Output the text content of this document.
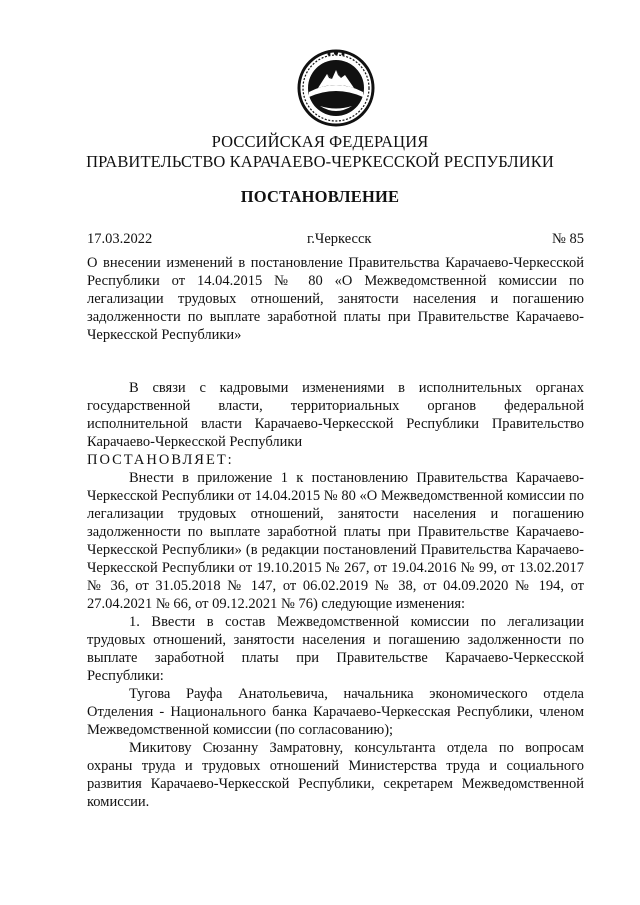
РОССИЙСКАЯ ФЕДЕРАЦИЯ
ПРАВИТЕЛЬСТВО КАРАЧАЕВО-ЧЕРКЕССКОЙ РЕСПУБЛИКИ
ПОСТАНОВЛЕНИЕ
17.03.2022	г.Черкесск	№ 85

О внесении изменений в постановление Правительства Карачаево-Черкесской Республики от 14.04.2015 № 80 «О Межведомственной комиссии по легализации трудовых отношений, занятости населения и погашению задолженности по выплате заработной платы при Правительстве Карачаево-Черкесской Республики»

В связи с кадровыми изменениями в исполнительных органах государственной власти, территориальных органов федеральной исполнительной власти Карачаево-Черкесской Республики Правительство Карачаево-Черкесской Республики

ПОСТАНОВЛЯЕТ:

Внести в приложение 1 к постановлению Правительства Карачаево-Черкесской Республики от 14.04.2015 № 80 «О Межведомственной комиссии по легализации трудовых отношений, занятости населения и погашению задолженности по выплате заработной платы при Правительстве Карачаево-Черкесской Республики» (в редакции постановлений Правительства Карачаево-Черкесской Республики от 19.10.2015 № 267, от 19.04.2016 № 99, от 13.02.2017 № 36, от 31.05.2018 № 147, от 06.02.2019 № 38, от 04.09.2020 № 194, от 27.04.2021 № 66, от 09.12.2021 № 76) следующие изменения:

1. Ввести в состав Межведомственной комиссии по легализации трудовых отношений, занятости населения и погашению задолженности по выплате заработной платы при Правительстве Карачаево-Черкесской Республики:

Тугова Рауфа Анатольевича, начальника экономического отдела Отделения - Национального банка Карачаево-Черкесская Республики, членом Межведомственной комиссии (по согласованию);

Микитову Сюзанну Замратовну, консультанта отдела по вопросам охраны труда и трудовых отношений Министерства труда и социального развития Карачаево-Черкесской Республики, секретарем Межведомственной комиссии.
